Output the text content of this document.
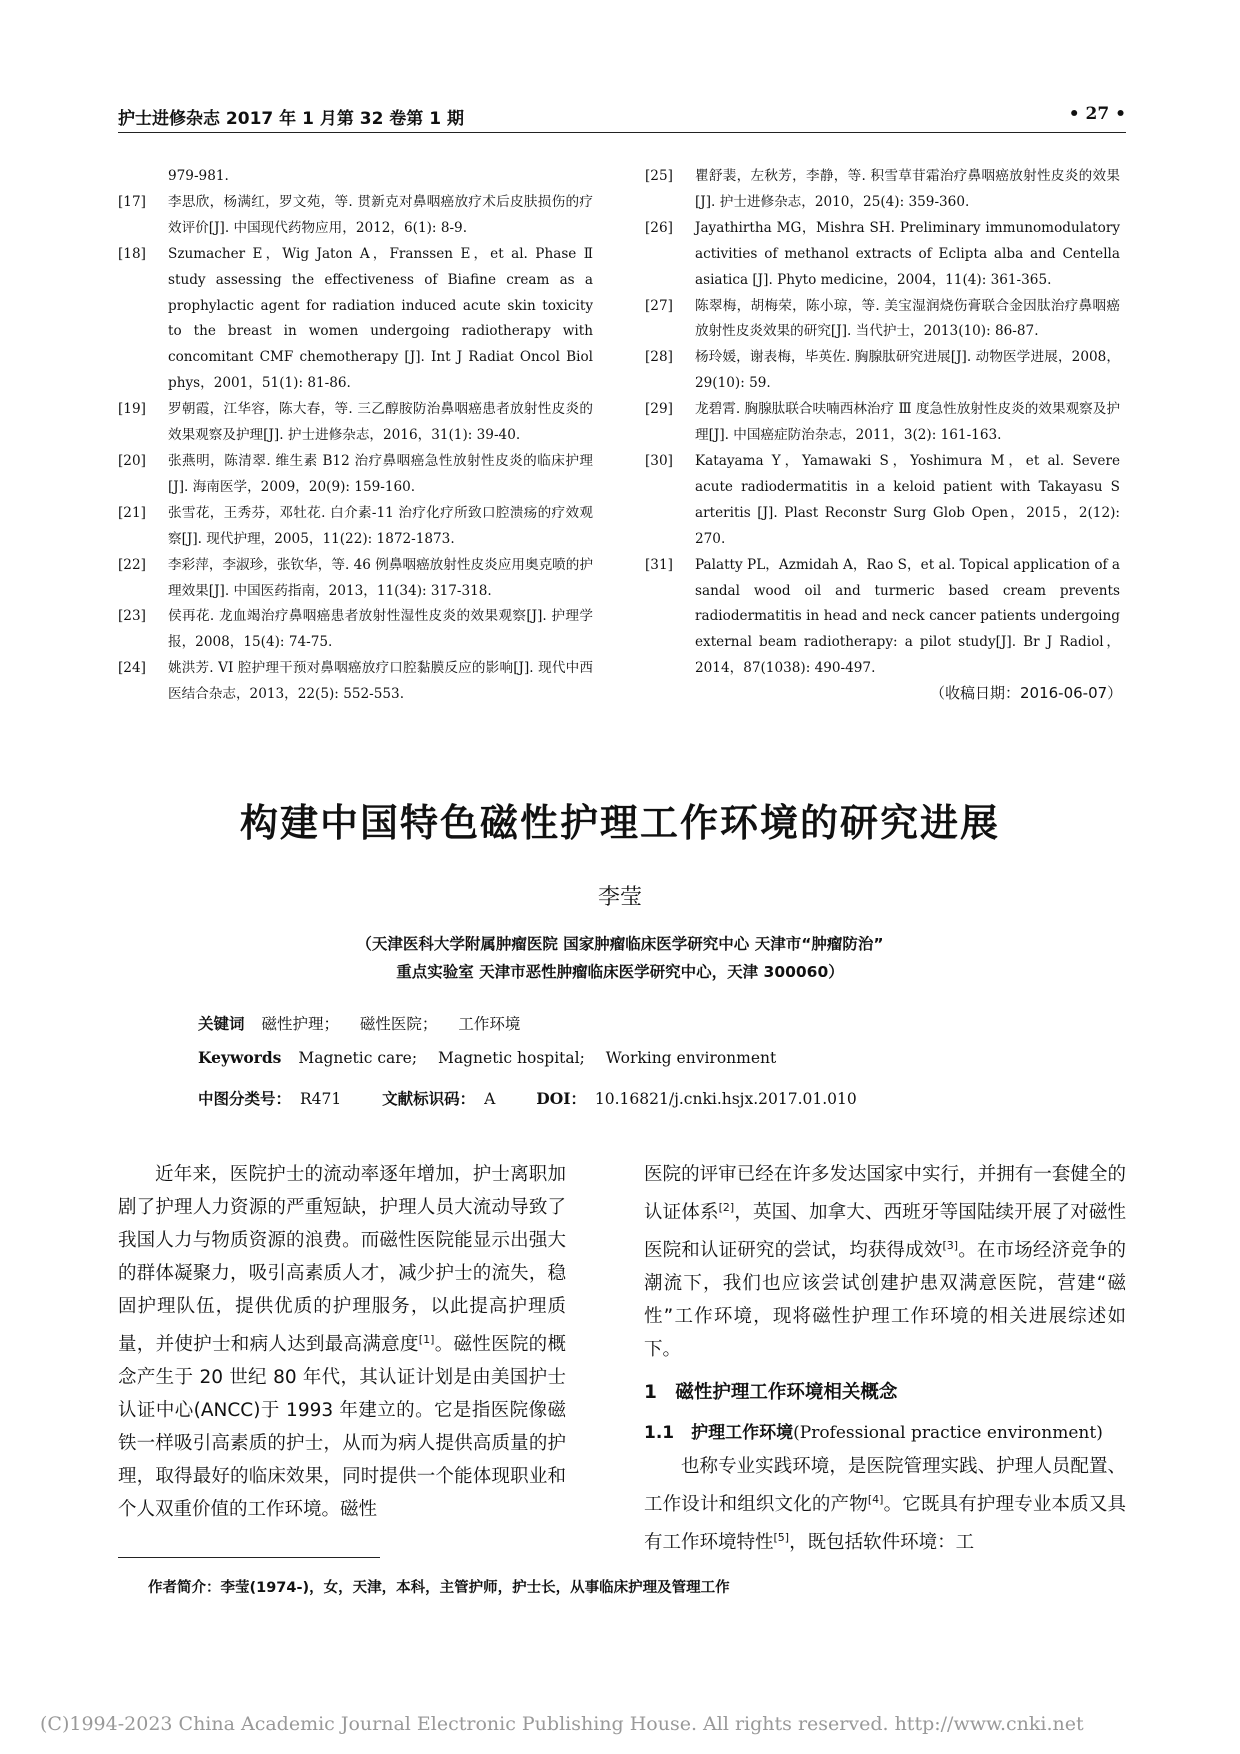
护士进修杂志 2017 年 1 月第 32 卷第 1 期	• 27 •
979-981.
[17]	李思欣，杨满红，罗文苑，等. 贯新克对鼻咽癌放疗术后皮肤损伤的疗效评价[J]. 中国现代药物应用，2012，6(1): 8-9.
[18]	Szumacher E，Wig Jaton A，Franssen E，et al. Phase Ⅱ study assessing the effectiveness of Biafine cream as a prophylactic agent for radiation induced acute skin toxicity to the breast in women undergoing radiotherapy with concomitant CMF chemotherapy [J]. Int J Radiat Oncol Biol phys，2001，51(1): 81-86.
[19]	罗朝霞，江华容，陈大春，等. 三乙醇胺防治鼻咽癌患者放射性皮炎的效果观察及护理[J]. 护士进修杂志，2016，31(1): 39-40.
[20]	张燕明，陈清翠. 维生素 B12 治疗鼻咽癌急性放射性皮炎的临床护理[J]. 海南医学，2009，20(9): 159-160.
[21]	张雪花，王秀芬，邓牡花. 白介素-11 治疗化疗所致口腔溃疡的疗效观察[J]. 现代护理，2005，11(22): 1872-1873.
[22]	李彩萍，李淑珍，张钦华，等. 46 例鼻咽癌放射性皮炎应用奥克喷的护理效果[J]. 中国医药指南，2013，11(34): 317-318.
[23]	侯再花. 龙血竭治疗鼻咽癌患者放射性湿性皮炎的效果观察[J]. 护理学报，2008，15(4): 74-75.
[24]	姚洪芳. VI 腔护理干预对鼻咽癌放疗口腔黏膜反应的影响[J]. 现代中西医结合杂志，2013，22(5): 552-553.
[25]	瞿舒裴，左秋芳，李静，等. 积雪草苷霜治疗鼻咽癌放射性皮炎的效果[J]. 护士进修杂志，2010，25(4): 359-360.
[26]	Jayathirtha MG，Mishra SH. Preliminary immunomodulatory activities of methanol extracts of Eclipta alba and Centella asiatica [J]. Phyto medicine，2004，11(4): 361-365.
[27]	陈翠梅，胡梅荣，陈小琼，等. 美宝湿润烧伤膏联合金因肽治疗鼻咽癌放射性皮炎效果的研究[J]. 当代护士，2013(10): 86-87.
[28]	杨玲媛，谢表梅，毕英佐. 胸腺肽研究进展[J]. 动物医学进展，2008，29(10): 59.
[29]	龙碧霄. 胸腺肽联合呋喃西林治疗 Ⅲ 度急性放射性皮炎的效果观察及护理[J]. 中国癌症防治杂志，2011，3(2): 161-163.
[30]	Katayama Y，Yamawaki S，Yoshimura M，et al. Severe acute radiodermatitis in a keloid patient with Takayasu S arteritis [J]. Plast Reconstr Surg Glob Open，2015，2(12): 270.
[31]	Palatty PL，Azmidah A，Rao S，et al. Topical application of a sandal wood oil and turmeric based cream prevents radiodermatitis in head and neck cancer patients undergoing external beam radiotherapy: a pilot study[J]. Br J Radiol，2014，87(1038): 490-497.
（收稿日期：2016-06-07）
构建中国特色磁性护理工作环境的研究进展
李莹
（天津医科大学附属肿瘤医院 国家肿瘤临床医学研究中心 天津市“肿瘤防治”
重点实验室 天津市恶性肿瘤临床医学研究中心，天津 300060）
关键词 磁性护理； 磁性医院； 工作环境
Keywords Magnetic care; Magnetic hospital; Working environment
中图分类号： R471	文献标识码： A	DOI： 10.16821/j.cnki.hsjx.2017.01.010
近年来，医院护士的流动率逐年增加，护士离职加剧了护理人力资源的严重短缺，护理人员大流动导致了我国人力与物质资源的浪费。而磁性医院能显示出强大的群体凝聚力，吸引高素质人才，减少护士的流失，稳固护理队伍，提供优质的护理服务，以此提高护理质量，并使护士和病人达到最高满意度[1]。磁性医院的概念产生于 20 世纪 80 年代，其认证计划是由美国护士认证中心(ANCC)于 1993 年建立的。它是指医院像磁铁一样吸引高素质的护士，从而为病人提供高质量的护理，取得最好的临床效果，同时提供一个能体现职业和个人双重价值的工作环境。磁性
医院的评审已经在许多发达国家中实行，并拥有一套健全的认证体系[2]，英国、加拿大、西班牙等国陆续开展了对磁性医院和认证研究的尝试，均获得成效[3]。在市场经济竞争的潮流下，我们也应该尝试创建护患双满意医院，营建“磁性”工作环境，现将磁性护理工作环境的相关进展综述如下。
1　磁性护理工作环境相关概念
1.1　护理工作环境(Professional practice environment)
也称专业实践环境，是医院管理实践、护理人员配置、工作设计和组织文化的产物[4]。它既具有护理专业本质又具有工作环境特性[5]，既包括软件环境：工
作者简介：李莹(1974-)，女，天津，本科，主管护师，护士长，从事临床护理及管理工作
(C)1994-2023 China Academic Journal Electronic Publishing House. All rights reserved. http://www.cnki.net
